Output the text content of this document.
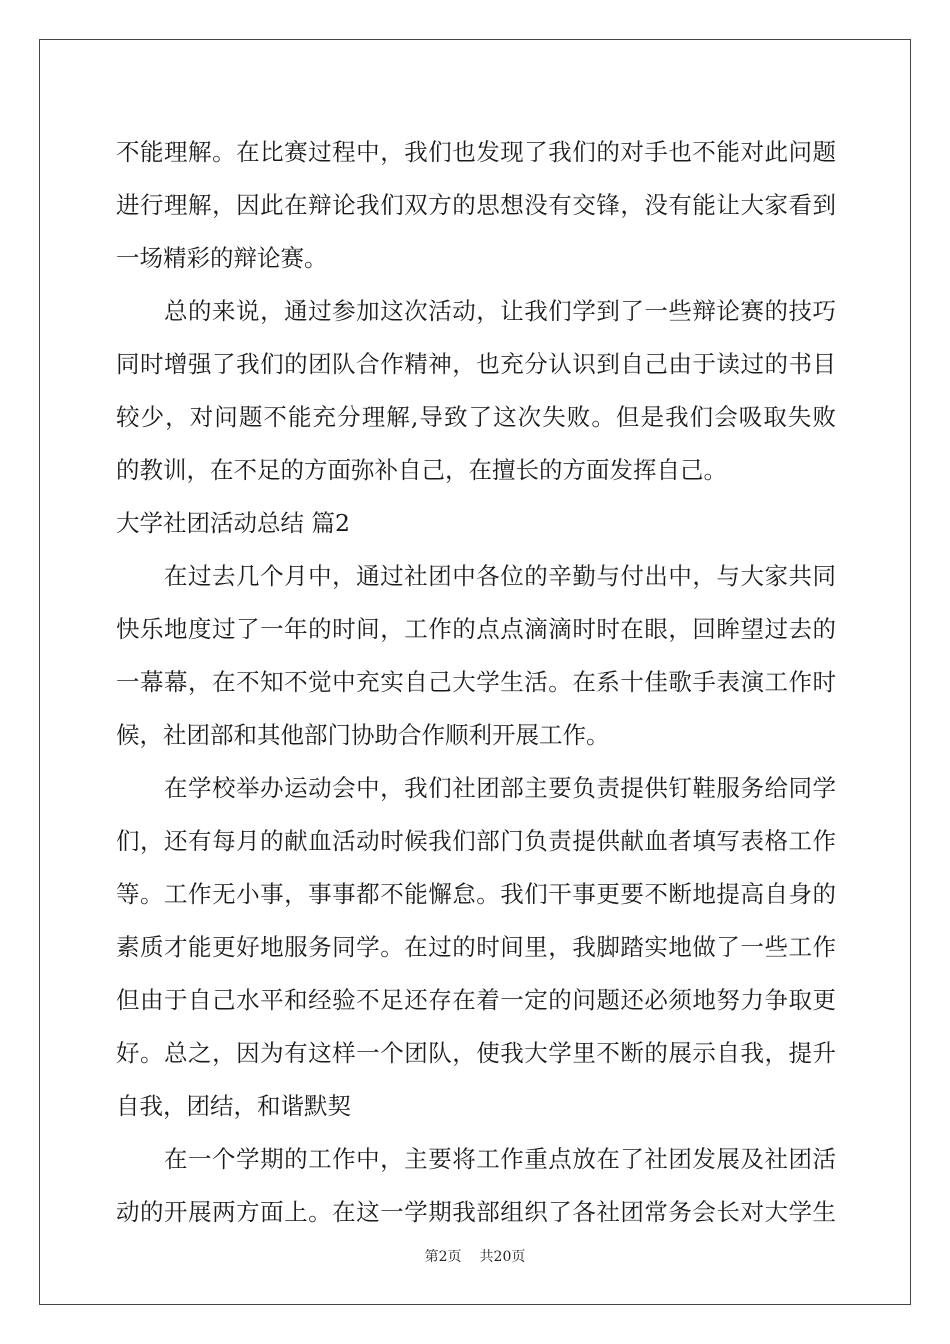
不能理解。在比赛过程中，我们也发现了我们的对手也不能对此问题
进行理解，因此在辩论我们双方的思想没有交锋，没有能让大家看到
一场精彩的辩论赛。
总的来说，通过参加这次活动，让我们学到了一些辩论赛的技巧
同时增强了我们的团队合作精神，也充分认识到自己由于读过的书目
较少，对问题不能充分理解,导致了这次失败。但是我们会吸取失败
的教训，在不足的方面弥补自己，在擅长的方面发挥自己。
大学社团活动总结 篇2
在过去几个月中，通过社团中各位的辛勤与付出中，与大家共同
快乐地度过了一年的时间，工作的点点滴滴时时在眼，回眸望过去的
一幕幕，在不知不觉中充实自己大学生活。在系十佳歌手表演工作时
候，社团部和其他部门协助合作顺利开展工作。
在学校举办运动会中，我们社团部主要负责提供钉鞋服务给同学
们，还有每月的献血活动时候我们部门负责提供献血者填写表格工作
等。工作无小事，事事都不能懈怠。我们干事更要不断地提高自身的
素质才能更好地服务同学。在过的时间里，我脚踏实地做了一些工作
但由于自己水平和经验不足还存在着一定的问题还必须地努力争取更
好。总之，因为有这样一个团队，使我大学里不断的展示自我，提升
自我，团结，和谐默契
在一个学期的工作中，主要将工作重点放在了社团发展及社团活
动的开展两方面上。在这一学期我部组织了各社团常务会长对大学生
第2页 共20页
